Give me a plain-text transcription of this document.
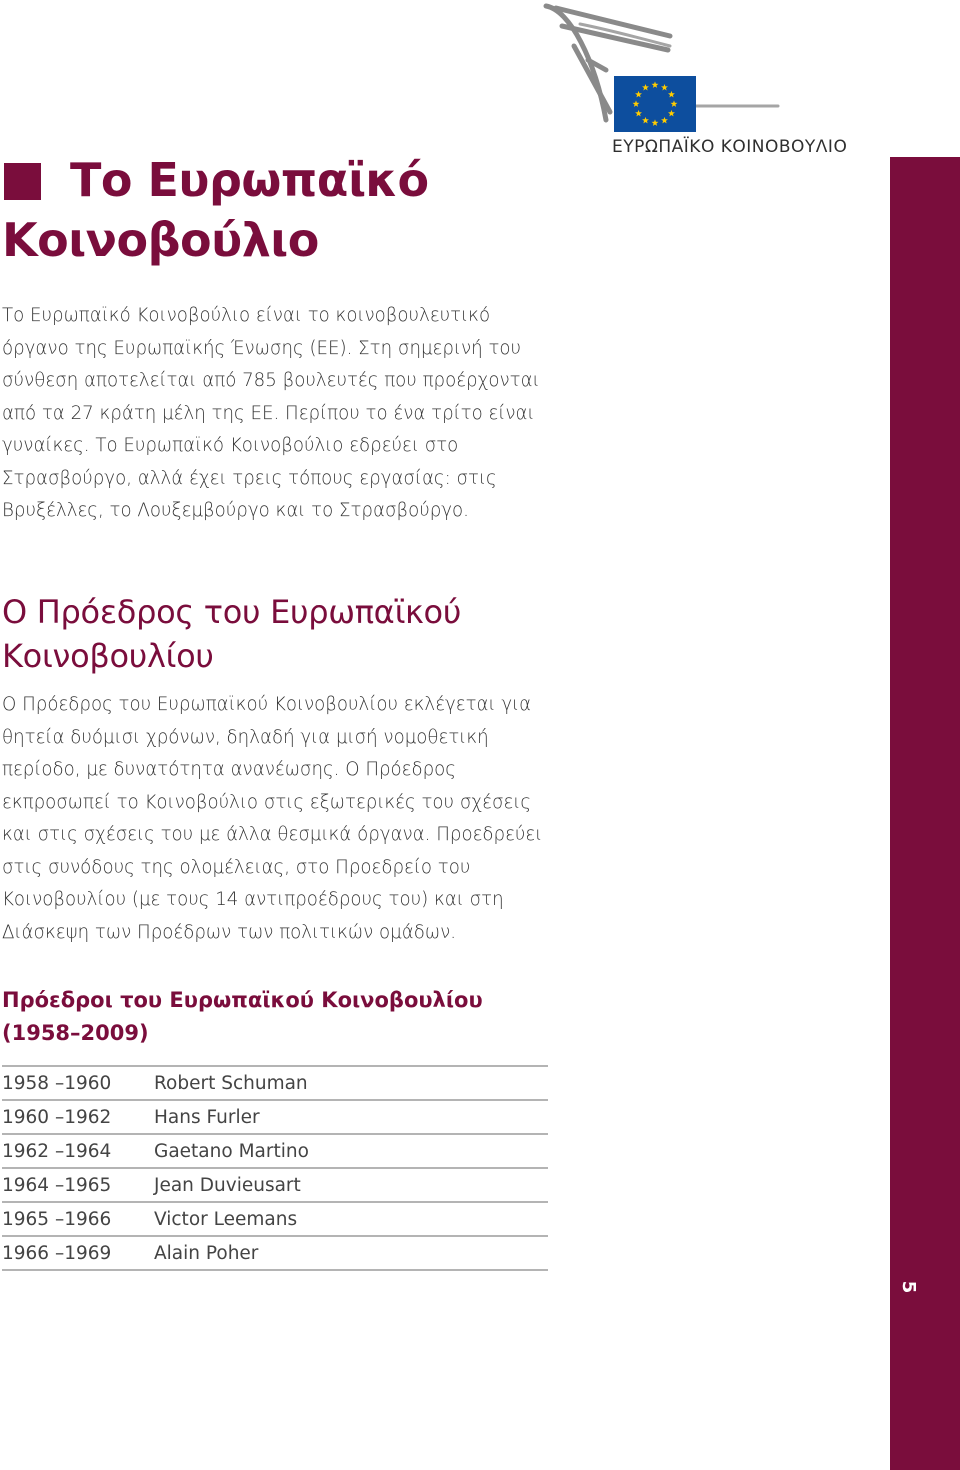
ΕΥΡΩΠΑΪΚΟ ΚΟΙΝΟΒΟΥΛΙΟ
5
Το Ευρωπαϊκό
Κοινοβούλιο

Το Ευρωπαϊκό Κοινοβούλιο είναι το κοινοβουλευτικό όργανο της Ευρωπαϊκής Ένωσης (ΕΕ). Στη σημερινή του σύνθεση αποτελείται από 785 βουλευτές που προέρχονται από τα 27 κράτη μέλη της ΕΕ. Περίπου το ένα τρίτο είναι γυναίκες. Το Ευρωπαϊκό Κοινοβούλιο εδρεύει στο Στρασβούργο, αλλά έχει τρεις τόπους εργασίας: στις Βρυξέλλες, το Λουξεμβούργο και το Στρασβούργο.

Ο Πρόεδρος του Ευρωπαϊκού
Κοινοβουλίου

Ο Πρόεδρος του Ευρωπαϊκού Κοινοβουλίου εκλέγεται για θητεία δυόμισι χρόνων, δηλαδή για μισή νομοθετική περίοδο, με δυνατότητα ανανέωσης. Ο Πρόεδρος εκπροσωπεί το Κοινοβούλιο στις εξωτερικές του σχέσεις και στις σχέσεις του με άλλα θεσμικά όργανα. Προεδρεύει στις συνόδους της ολομέλειας, στο Προεδρείο του Κοινοβουλίου (με τους 14 αντιπροέδρους του) και στη Διάσκεψη των Προέδρων των πολιτικών ομάδων.

Πρόεδροι του Ευρωπαϊκού Κοινοβουλίου
(1958–2009)
1958 –1960	Robert Schuman
1960 –1962	Hans Furler
1962 –1964	Gaetano Martino
1964 –1965	Jean Duvieusart
1965 –1966	Victor Leemans
1966 –1969	Alain Poher
